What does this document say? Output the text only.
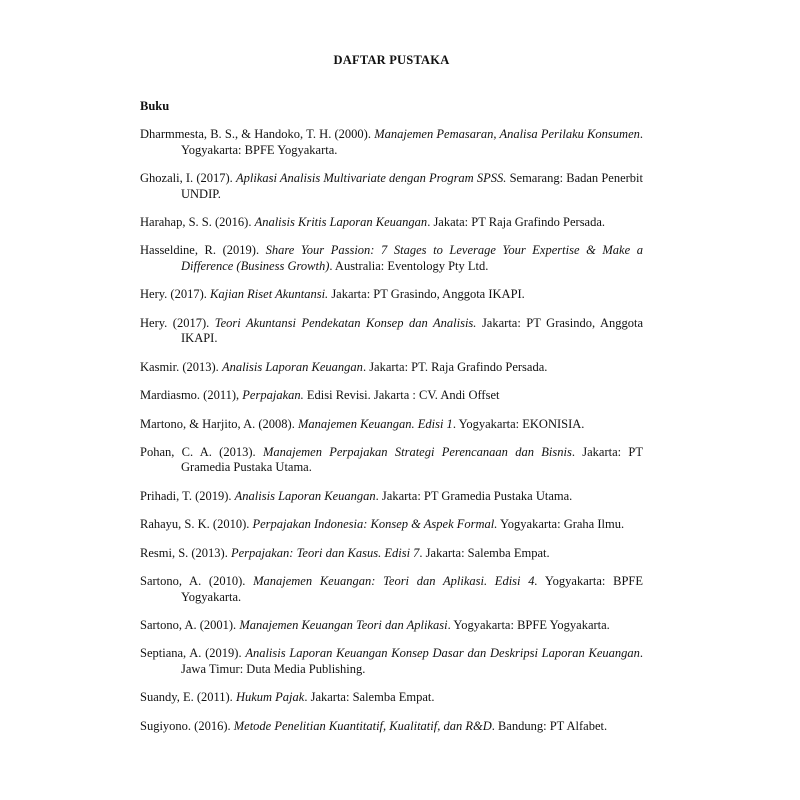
DAFTAR PUSTAKA
Buku

Dharmmesta, B. S., & Handoko, T. H. (2000). Manajemen Pemasaran, Analisa Perilaku Konsumen. Yogyakarta: BPFE Yogyakarta.

Ghozali, I. (2017). Aplikasi Analisis Multivariate dengan Program SPSS. Semarang: Badan Penerbit UNDIP.

Harahap, S. S. (2016). Analisis Kritis Laporan Keuangan. Jakata: PT Raja Grafindo Persada.

Hasseldine, R. (2019). Share Your Passion: 7 Stages to Leverage Your Expertise & Make a Difference (Business Growth). Australia: Eventology Pty Ltd.

Hery. (2017). Kajian Riset Akuntansi. Jakarta: PT Grasindo, Anggota IKAPI.

Hery. (2017). Teori Akuntansi Pendekatan Konsep dan Analisis. Jakarta: PT Grasindo, Anggota IKAPI.

Kasmir. (2013). Analisis Laporan Keuangan. Jakarta: PT. Raja Grafindo Persada.

Mardiasmo. (2011), Perpajakan. Edisi Revisi. Jakarta : CV. Andi Offset

Martono, & Harjito, A. (2008). Manajemen Keuangan. Edisi 1. Yogyakarta: EKONISIA.

Pohan, C. A. (2013). Manajemen Perpajakan Strategi Perencanaan dan Bisnis. Jakarta: PT Gramedia Pustaka Utama.

Prihadi, T. (2019). Analisis Laporan Keuangan. Jakarta: PT Gramedia Pustaka Utama.

Rahayu, S. K. (2010). Perpajakan Indonesia: Konsep & Aspek Formal. Yogyakarta: Graha Ilmu.

Resmi, S. (2013). Perpajakan: Teori dan Kasus. Edisi 7. Jakarta: Salemba Empat.

Sartono, A. (2010). Manajemen Keuangan: Teori dan Aplikasi. Edisi 4. Yogyakarta: BPFE Yogyakarta.

Sartono, A. (2001). Manajemen Keuangan Teori dan Aplikasi. Yogyakarta: BPFE Yogyakarta.

Septiana, A. (2019). Analisis Laporan Keuangan Konsep Dasar dan Deskripsi Laporan Keuangan. Jawa Timur: Duta Media Publishing.

Suandy, E. (2011). Hukum Pajak. Jakarta: Salemba Empat.

Sugiyono. (2016). Metode Penelitian Kuantitatif, Kualitatif, dan R&D. Bandung: PT Alfabet.
